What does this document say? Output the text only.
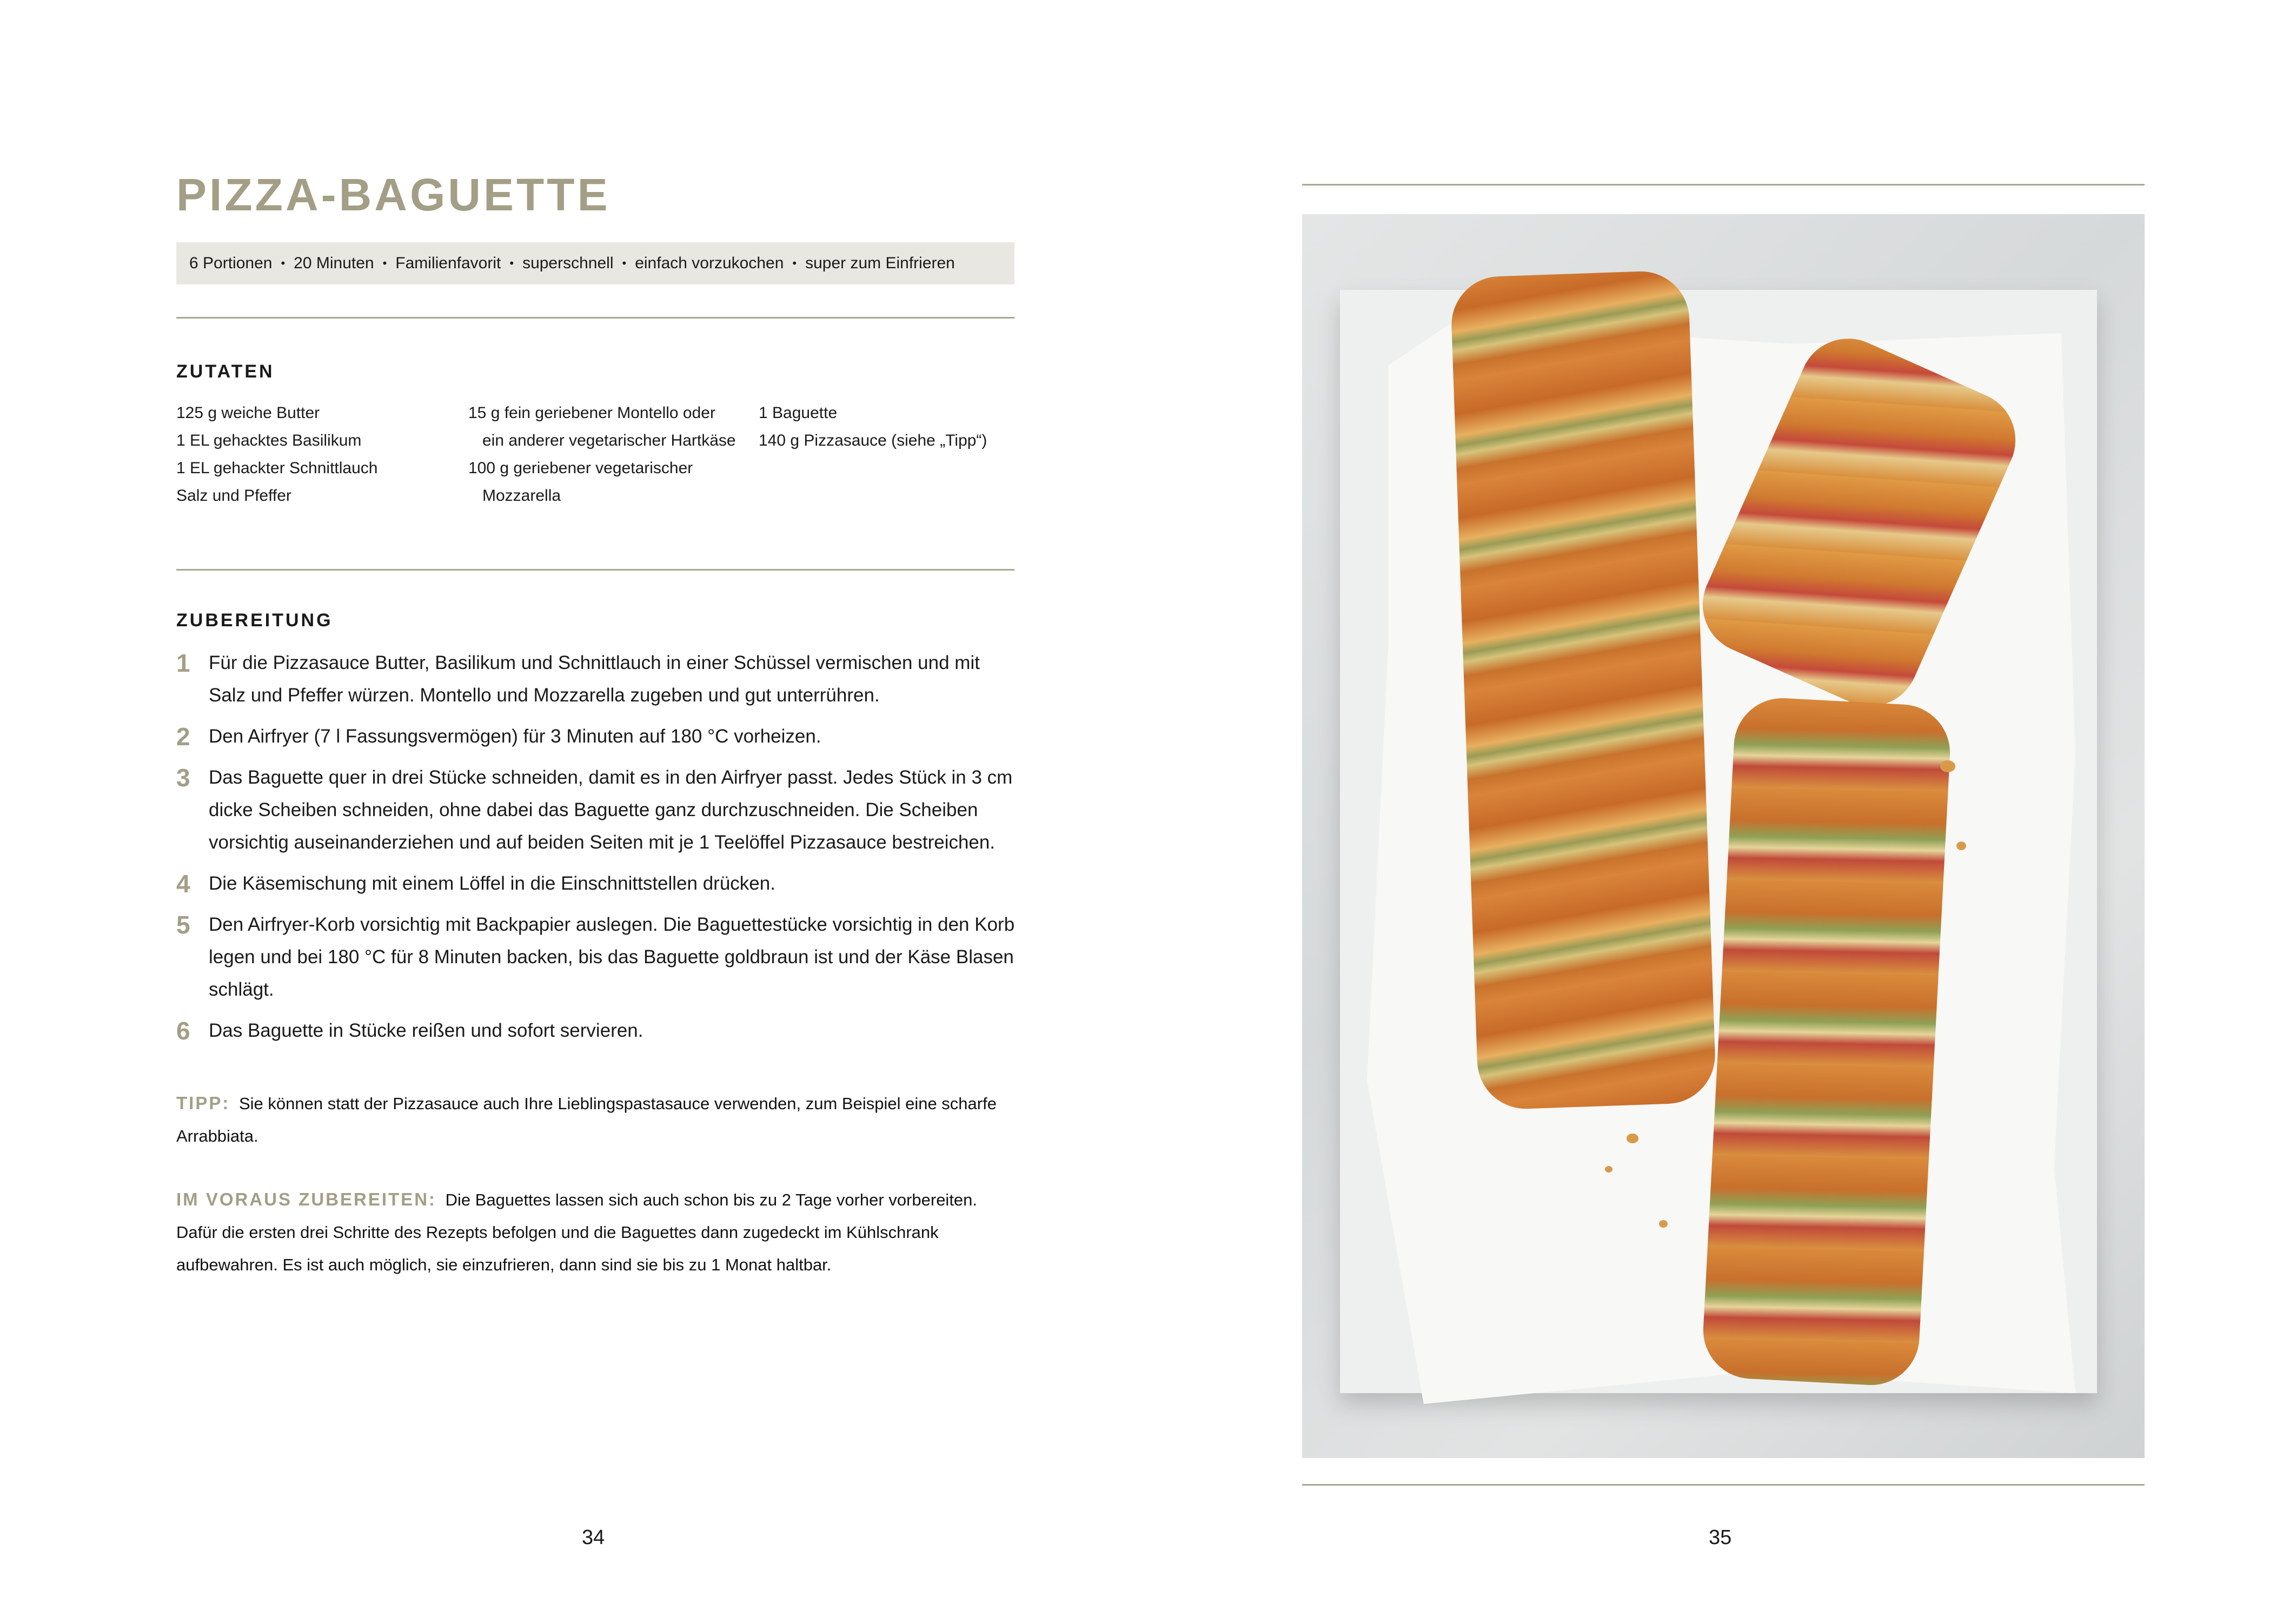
PIZZA-BAGUETTE
6 Portionen • 20 Minuten • Familienfavorit • superschnell • einfach vorzukochen • super zum Einfrieren
ZUTATEN
125 g weiche Butter
1 EL gehacktes Basilikum
1 EL gehackter Schnittlauch
Salz und Pfeffer
15 g fein geriebener Montello oder ein anderer vegetarischer Hartkäse
100 g geriebener vegetarischer Mozzarella
1 Baguette
140 g Pizzasauce (siehe „Tipp“)
ZUBEREITUNG
1 Für die Pizzasauce Butter, Basilikum und Schnittlauch in einer Schüssel vermischen und mit Salz und Pfeffer würzen. Montello und Mozzarella zugeben und gut unterrühren.
2 Den Airfryer (7 l Fassungsvermögen) für 3 Minuten auf 180 °C vorheizen.
3 Das Baguette quer in drei Stücke schneiden, damit es in den Airfryer passt. Jedes Stück in 3 cm dicke Scheiben schneiden, ohne dabei das Baguette ganz durchzuschneiden. Die Scheiben vorsichtig auseinanderziehen und auf beiden Seiten mit je 1 Teelöffel Pizzasauce bestreichen.
4 Die Käsemischung mit einem Löffel in die Einschnittstellen drücken.
5 Den Airfryer-Korb vorsichtig mit Backpapier auslegen. Die Baguettestücke vorsichtig in den Korb legen und bei 180 °C für 8 Minuten backen, bis das Baguette goldbraun ist und der Käse Blasen schlägt.
6 Das Baguette in Stücke reißen und sofort servieren.
TIPP: Sie können statt der Pizzasauce auch Ihre Lieblingspastasauce verwenden, zum Beispiel eine scharfe Arrabbiata.
IM VORAUS ZUBEREITEN: Die Baguettes lassen sich auch schon bis zu 2 Tage vorher vorbereiten. Dafür die ersten drei Schritte des Rezepts befolgen und die Baguettes dann zugedeckt im Kühlschrank aufbewahren. Es ist auch möglich, sie einzufrieren, dann sind sie bis zu 1 Monat haltbar.
34	35
